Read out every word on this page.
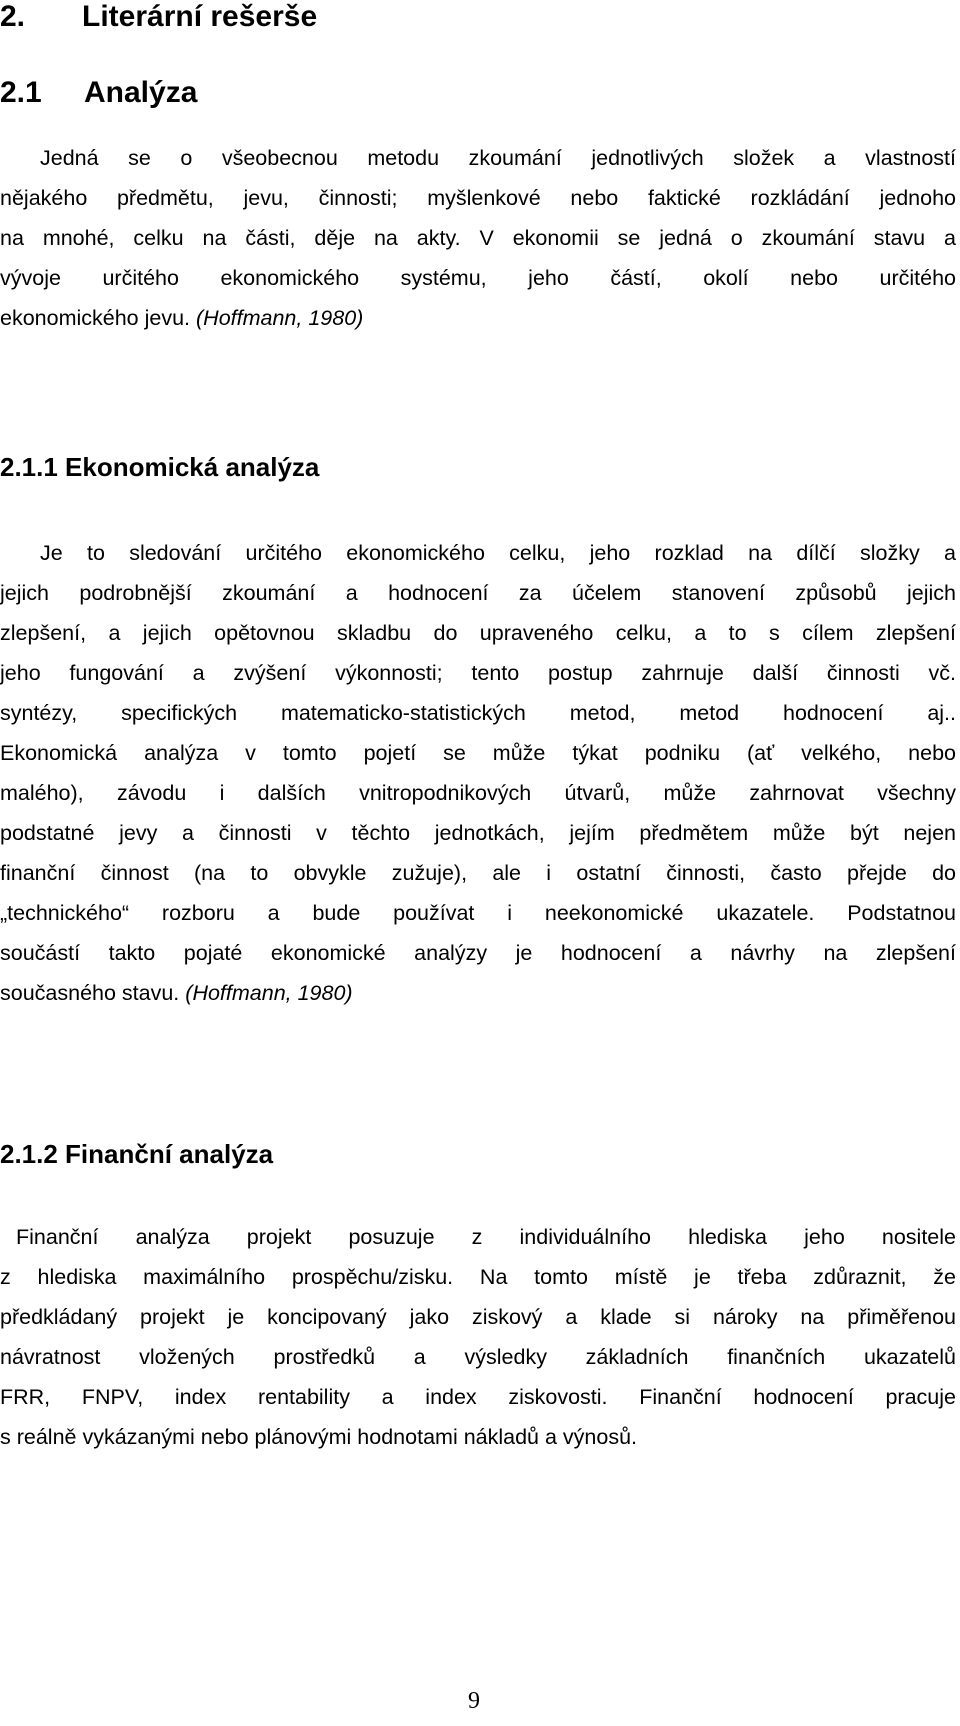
2. Literární rešerše
2.1 Analýza
Jedná se o všeobecnou metodu zkoumání jednotlivých složek a vlastností
nějakého předmětu, jevu, činnosti; myšlenkové nebo faktické rozkládání jednoho
na mnohé, celku na části, děje na akty. V ekonomii se jedná o zkoumání stavu a
vývoje určitého ekonomického systému, jeho částí, okolí nebo určitého
ekonomického jevu. (Hoffmann, 1980)
2.1.1 Ekonomická analýza
Je to sledování určitého ekonomického celku, jeho rozklad na dílčí složky a
jejich podrobnější zkoumání a hodnocení za účelem stanovení způsobů jejich
zlepšení, a jejich opětovnou skladbu do upraveného celku, a to s cílem zlepšení
jeho fungování a zvýšení výkonnosti; tento postup zahrnuje další činnosti vč.
syntézy, specifických matematicko-statistických metod, metod hodnocení aj..
Ekonomická analýza v tomto pojetí se může týkat podniku (ať velkého, nebo
malého), závodu i dalších vnitropodnikových útvarů, může zahrnovat všechny
podstatné jevy a činnosti v těchto jednotkách, jejím předmětem může být nejen
finanční činnost (na to obvykle zužuje), ale i ostatní činnosti, často přejde do
„technického“ rozboru a bude používat i neekonomické ukazatele. Podstatnou
součástí takto pojaté ekonomické analýzy je hodnocení a návrhy na zlepšení
současného stavu. (Hoffmann, 1980)
2.1.2 Finanční analýza
Finanční analýza projekt posuzuje z individuálního hlediska jeho nositele
z hlediska maximálního prospěchu/zisku. Na tomto místě je třeba zdůraznit, že
předkládaný projekt je koncipovaný jako ziskový a klade si nároky na přiměřenou
návratnost vložených prostředků a výsledky základních finančních ukazatelů
FRR, FNPV, index rentability a index ziskovosti. Finanční hodnocení pracuje
s reálně vykázanými nebo plánovými hodnotami nákladů a výnosů.
9
